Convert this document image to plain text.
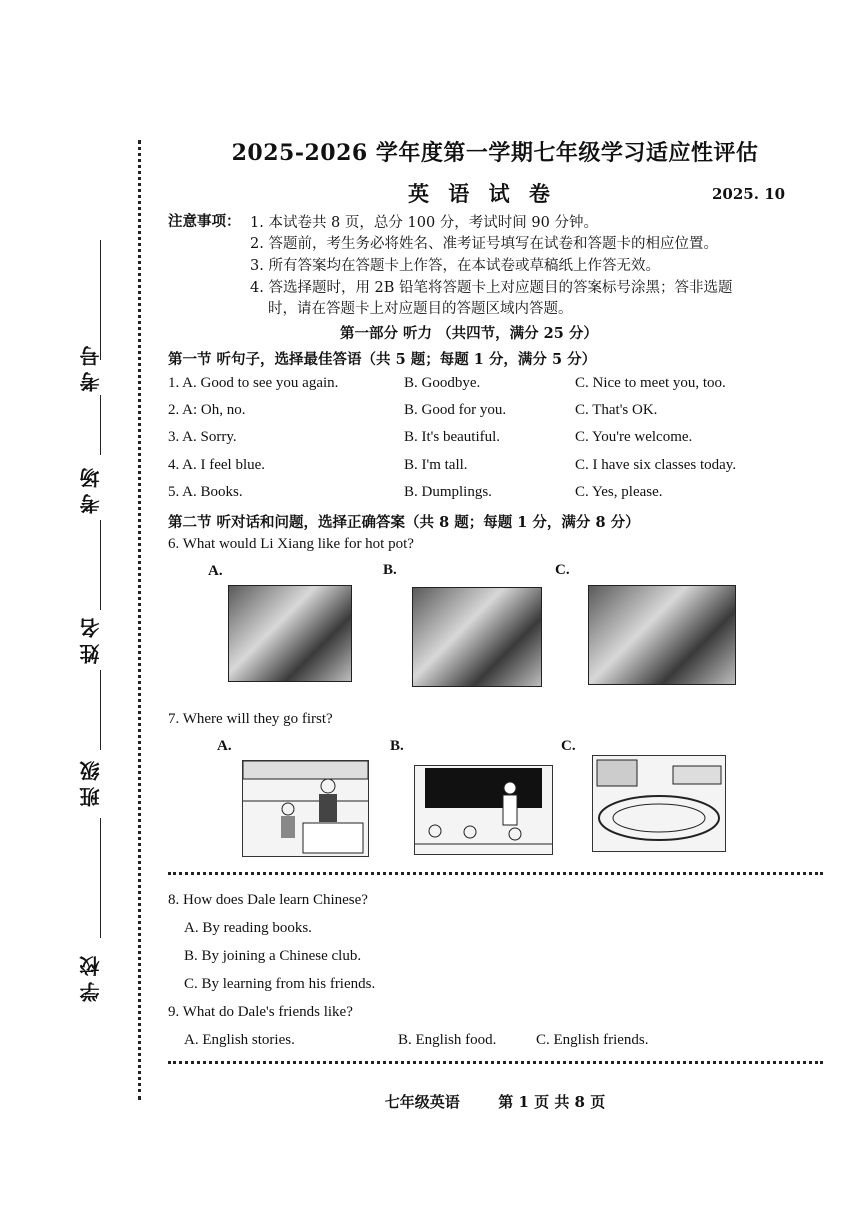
考号
考场
姓名
班级
学校
2025-2026 学年度第一学期七年级学习适应性评估
英 语 试 卷	2025. 10
注意事项： 1. 本试卷共 8 页，总分 100 分，考试时间 90 分钟。
2. 答题前，考生务必将姓名、准考证号填写在试卷和答题卡的相应位置。
3. 所有答案均在答题卡上作答，在本试卷或草稿纸上作答无效。
4. 答选择题时，用 2B 铅笔将答题卡上对应题目的答案标号涂黑；答非选题
时，请在答题卡上对应题目的答题区域内答题。
第一部分 听力 （共四节，满分 25 分）
第一节 听句子，选择最佳答语（共 5 题；每题 1 分，满分 5 分）
1. A. Good to see you again.	B. Goodbye.	C. Nice to meet you, too.
2. A: Oh, no.	B. Good for you.	C. That's OK.
3. A. Sorry.	B. It's beautiful.	C. You're welcome.
4. A. I feel blue.	B. I'm tall.	C. I have six classes today.
5. A. Books.	B. Dumplings.	C. Yes, please.
第二节 听对话和问题，选择正确答案（共 8 题；每题 1 分，满分 8 分）
6. What would Li Xiang like for hot pot?
A.	B.	C.
7. Where will they go first?
A.	B.	C.
8. How does Dale learn Chinese?
A. By reading books.
B. By joining a Chinese club.
C. By learning from his friends.
9. What do Dale's friends like?
A. English stories.	B. English food.	C. English friends.
七年级英语	第 1 页 共 8 页
